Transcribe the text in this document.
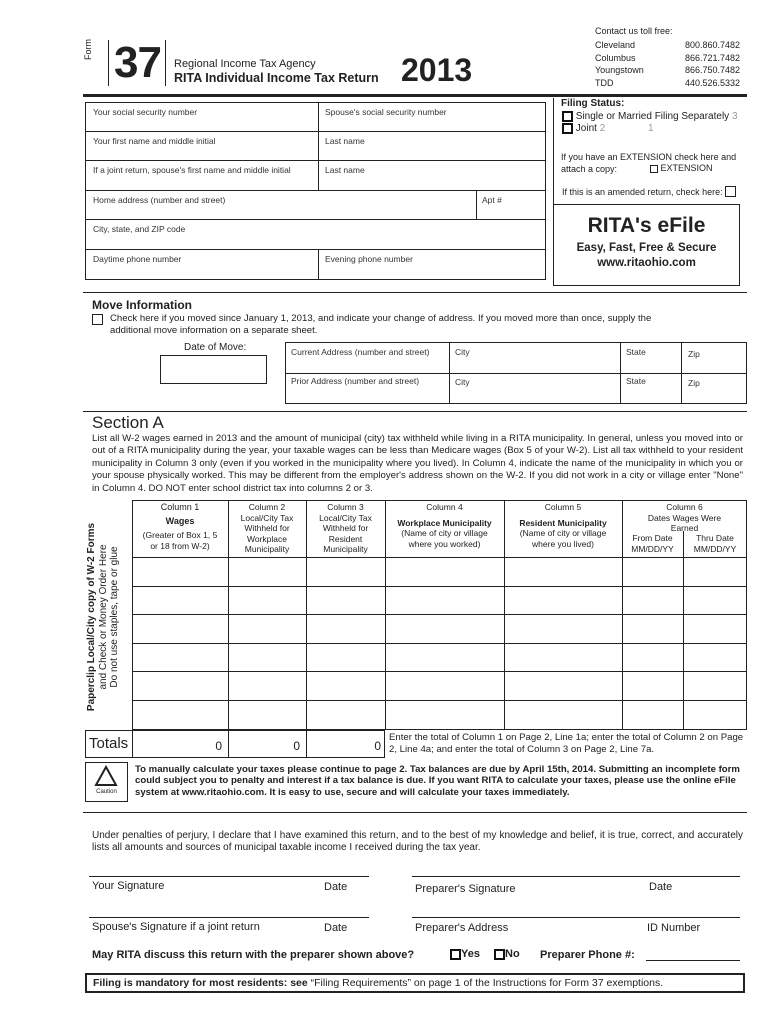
Form 37 Regional Income Tax Agency
RITA Individual Income Tax Return 2013
Contact us toll free:
Cleveland	800.860.7482
Columbus	866.721.7482
Youngstown	866.750.7482
TDD	440.526.5332
Your social security number	Spouse's social security number
Your first name and middle initial	Last name
If a joint return, spouse's first name and middle initial	Last name
Home address (number and street)	Apt #
City, state, and ZIP code
Daytime phone number	Evening phone number
Filing Status:
Single or Married Filing Separately 3
Joint 2	1
If you have an EXTENSION check here and attach a copy:	EXTENSION
If this is an amended return, check here:
RITA's eFile
Easy, Fast, Free & Secure
www.ritaohio.com
Move Information
Check here if you moved since January 1, 2013, and indicate your change of address. If you moved more than once, supply the
additional move information on a separate sheet.
Date of Move:	Current Address (number and street)	City	State	Zip
Prior Address (number and street)	City	State	Zip
Section A
List all W-2 wages earned in 2013 and the amount of municipal (city) tax withheld while living in a RITA municipality. In general, unless you moved into or out of a RITA municipality during the year, your taxable wages can be less than Medicare wages (Box 5 of your W-2). List all tax withheld to your resident municipality in Column 3 only (even if you worked in the municipality where you lived). In Column 4, indicate the name of the municipality in which you or your spouse physically worked. This may be different from the employer's address shown on the W-2. If you did not work in a city or village enter "None" in Column 4. DO NOT enter school district tax into columns 2 or 3.
Paperclip Local/City copy of W-2 Forms and Check or Money Order Here Do not use staples, tape or glue
Column 1
Wages
(Greater of Box 1, 5 or 18 from W-2)
Column 2
Local/City Tax Withheld for Workplace Municipality
Column 3
Local/City Tax Withheld for Resident Municipality
Column 4
Workplace Municipality
(Name of city or village where you worked)
Column 5
Resident Municipality
(Name of city or village where you lived)
Column 6
Dates Wages Were Earned
From Date MM/DD/YY
Thru Date MM/DD/YY
Totals	0	0	0
Enter the total of Column 1 on Page 2, Line 1a; enter the total of Column 2 on Page 2, Line 4a; and enter the total of Column 3 on Page 2, Line 7a.
Caution
To manually calculate your taxes please continue to page 2. Tax balances are due by April 15th, 2014. Submitting an incomplete form could subject you to penalty and interest if a tax balance is due. If you want RITA to calculate your taxes, please use the online eFile system at www.ritaohio.com. It is easy to use, secure and will calculate your taxes immediately.
Under penalties of perjury, I declare that I have examined this return, and to the best of my knowledge and belief, it is true, correct, and accurately lists all amounts and sources of municipal taxable income I received during the tax year.
Your Signature	Date	Preparer's Signature	Date
Spouse's Signature if a joint return	Date	Preparer's Address	ID Number
May RITA discuss this return with the preparer shown above?	Yes	No Preparer Phone #:
Filing is mandatory for most residents: see “Filing Requirements” on page 1 of the Instructions for Form 37 exemptions.
